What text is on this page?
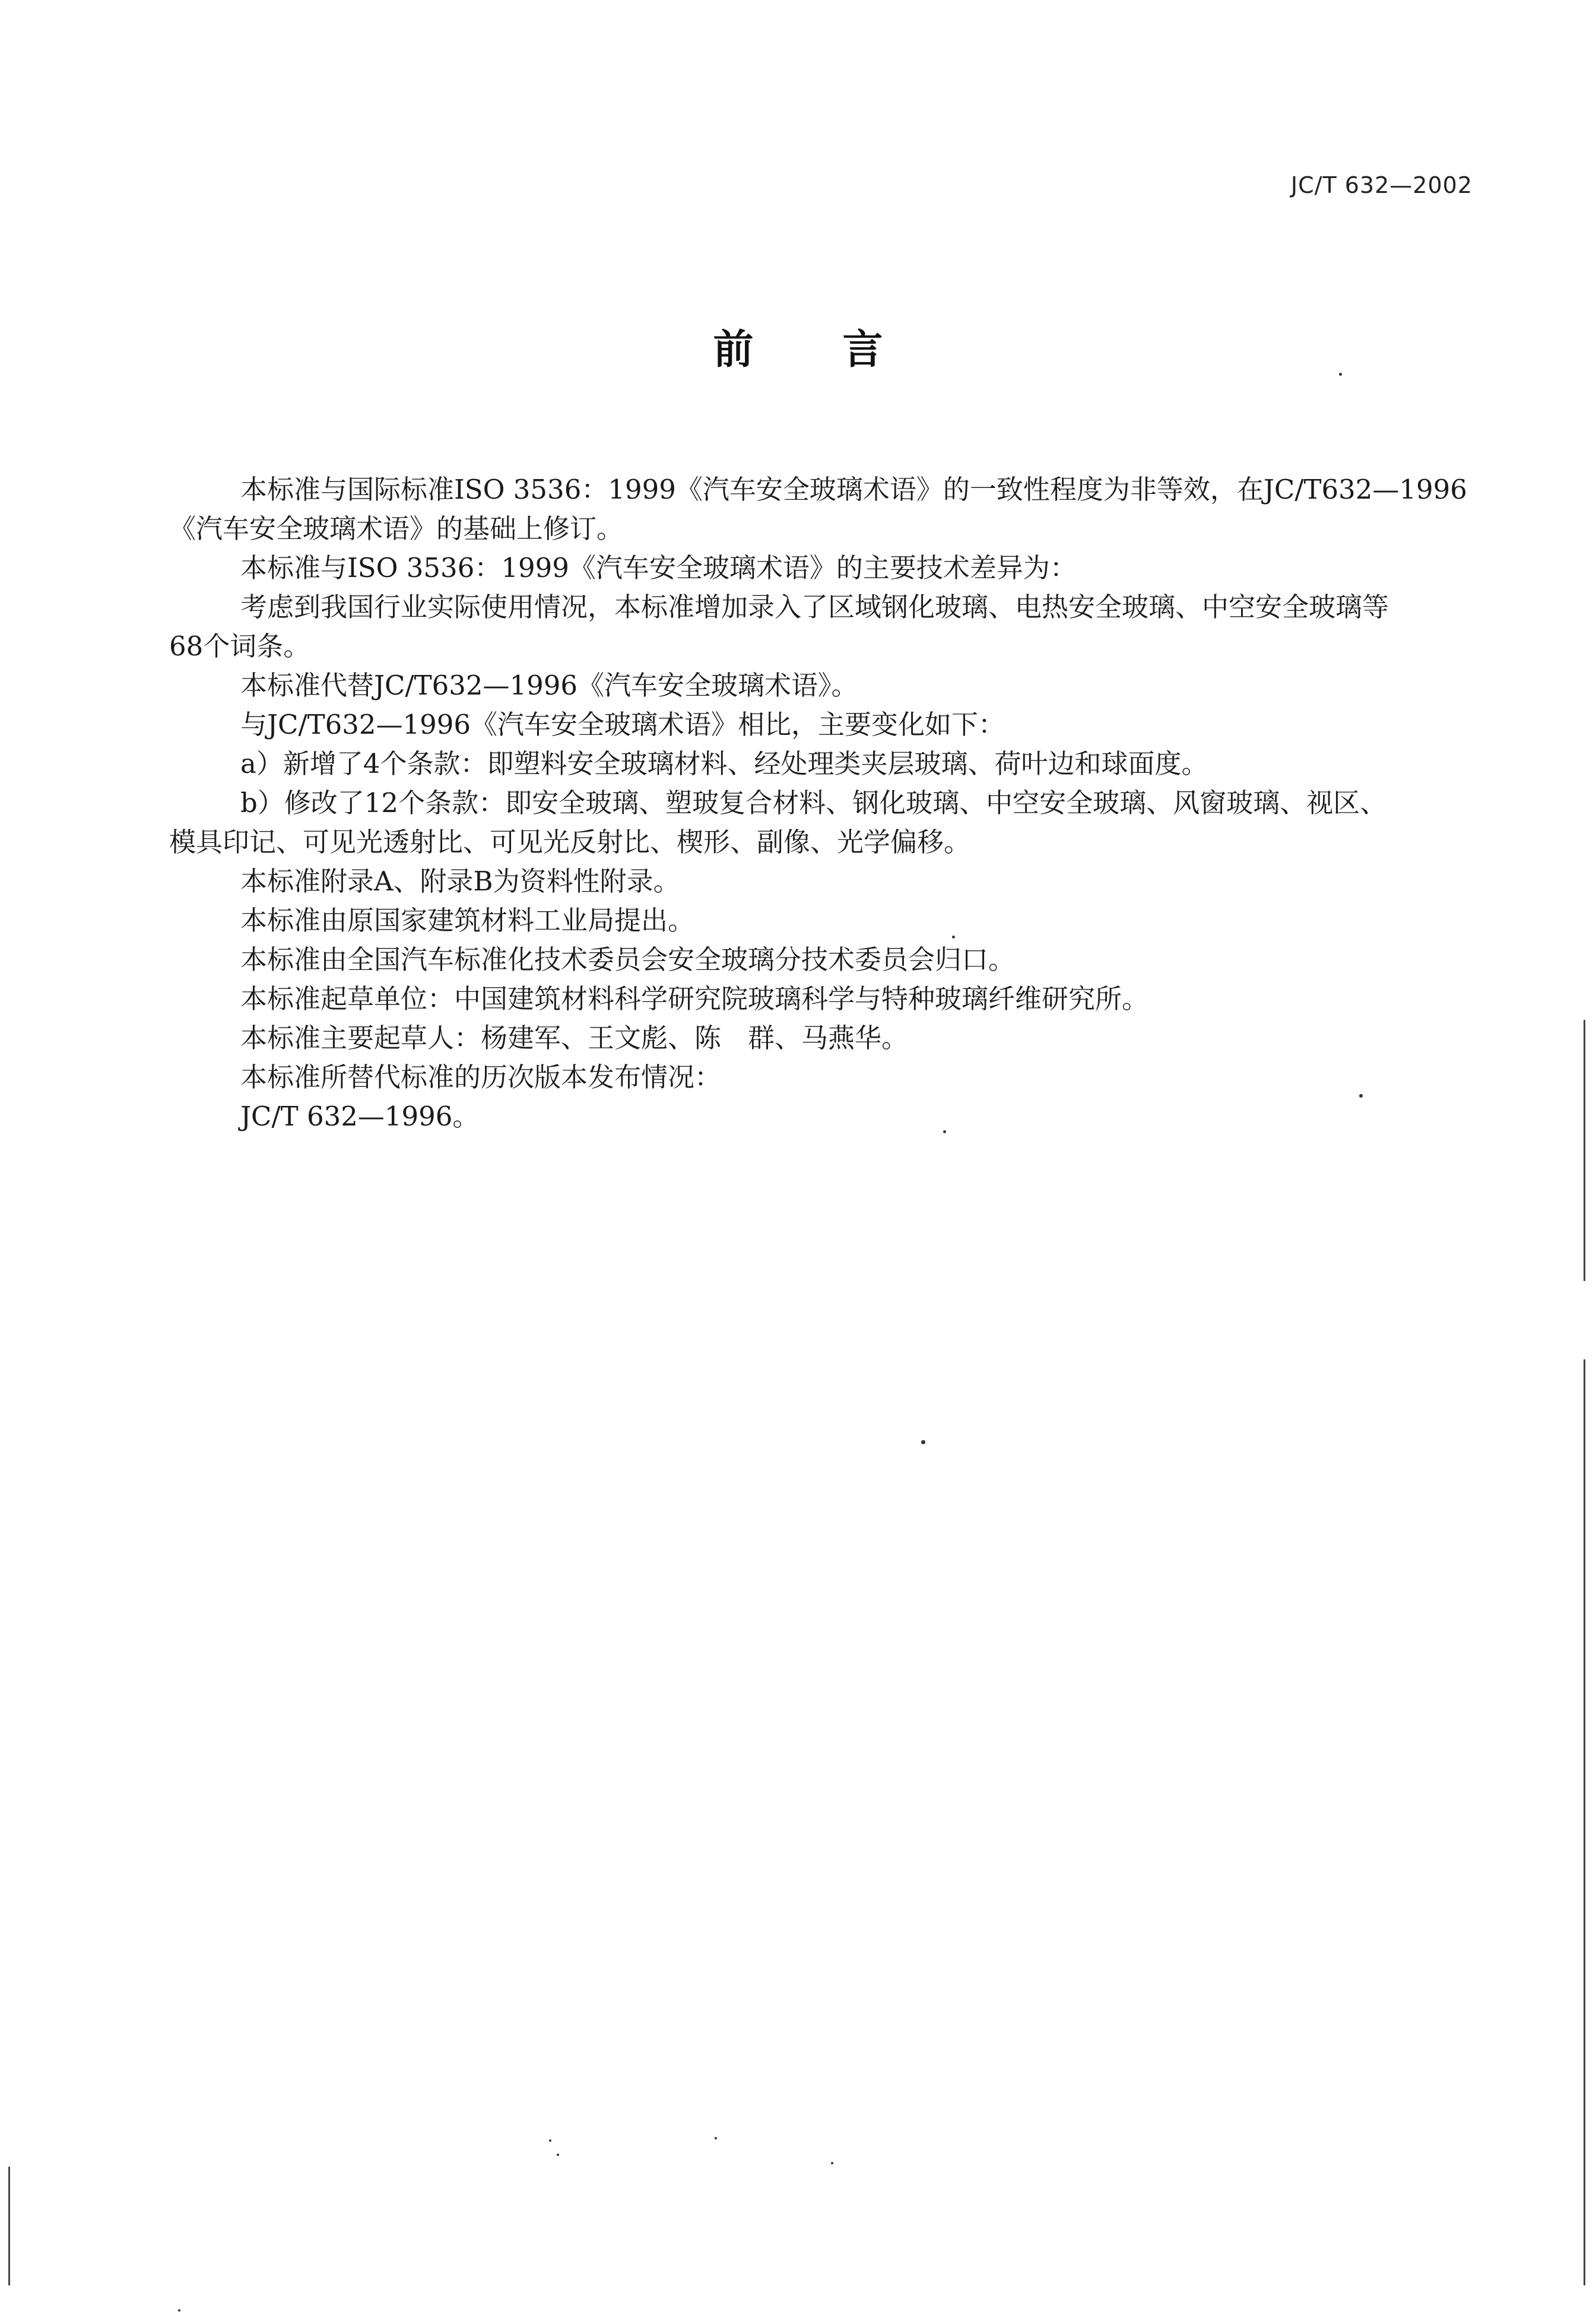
JC/T 632—2002
前言

本标准与国际标准ISO 3536：1999《汽车安全玻璃术语》的一致性程度为非等效，在JC/T632—1996

《汽车安全玻璃术语》的基础上修订。

本标准与ISO 3536：1999《汽车安全玻璃术语》的主要技术差异为：

考虑到我国行业实际使用情况，本标准增加录入了区域钢化玻璃、电热安全玻璃、中空安全玻璃等

68个词条。

本标准代替JC/T632—1996《汽车安全玻璃术语》。

与JC/T632—1996《汽车安全玻璃术语》相比，主要变化如下：

a）新增了4个条款：即塑料安全玻璃材料、经处理类夹层玻璃、荷叶边和球面度。

b）修改了12个条款：即安全玻璃、塑玻复合材料、钢化玻璃、中空安全玻璃、风窗玻璃、视区、

模具印记、可见光透射比、可见光反射比、楔形、副像、光学偏移。

本标准附录A、附录B为资料性附录。

本标准由原国家建筑材料工业局提出。

本标准由全国汽车标准化技术委员会安全玻璃分技术委员会归口。

本标准起草单位：中国建筑材料科学研究院玻璃科学与特种玻璃纤维研究所。

本标准主要起草人：杨建军、王文彪、陈　群、马燕华。

本标准所替代标准的历次版本发布情况：

JC/T 632—1996。
